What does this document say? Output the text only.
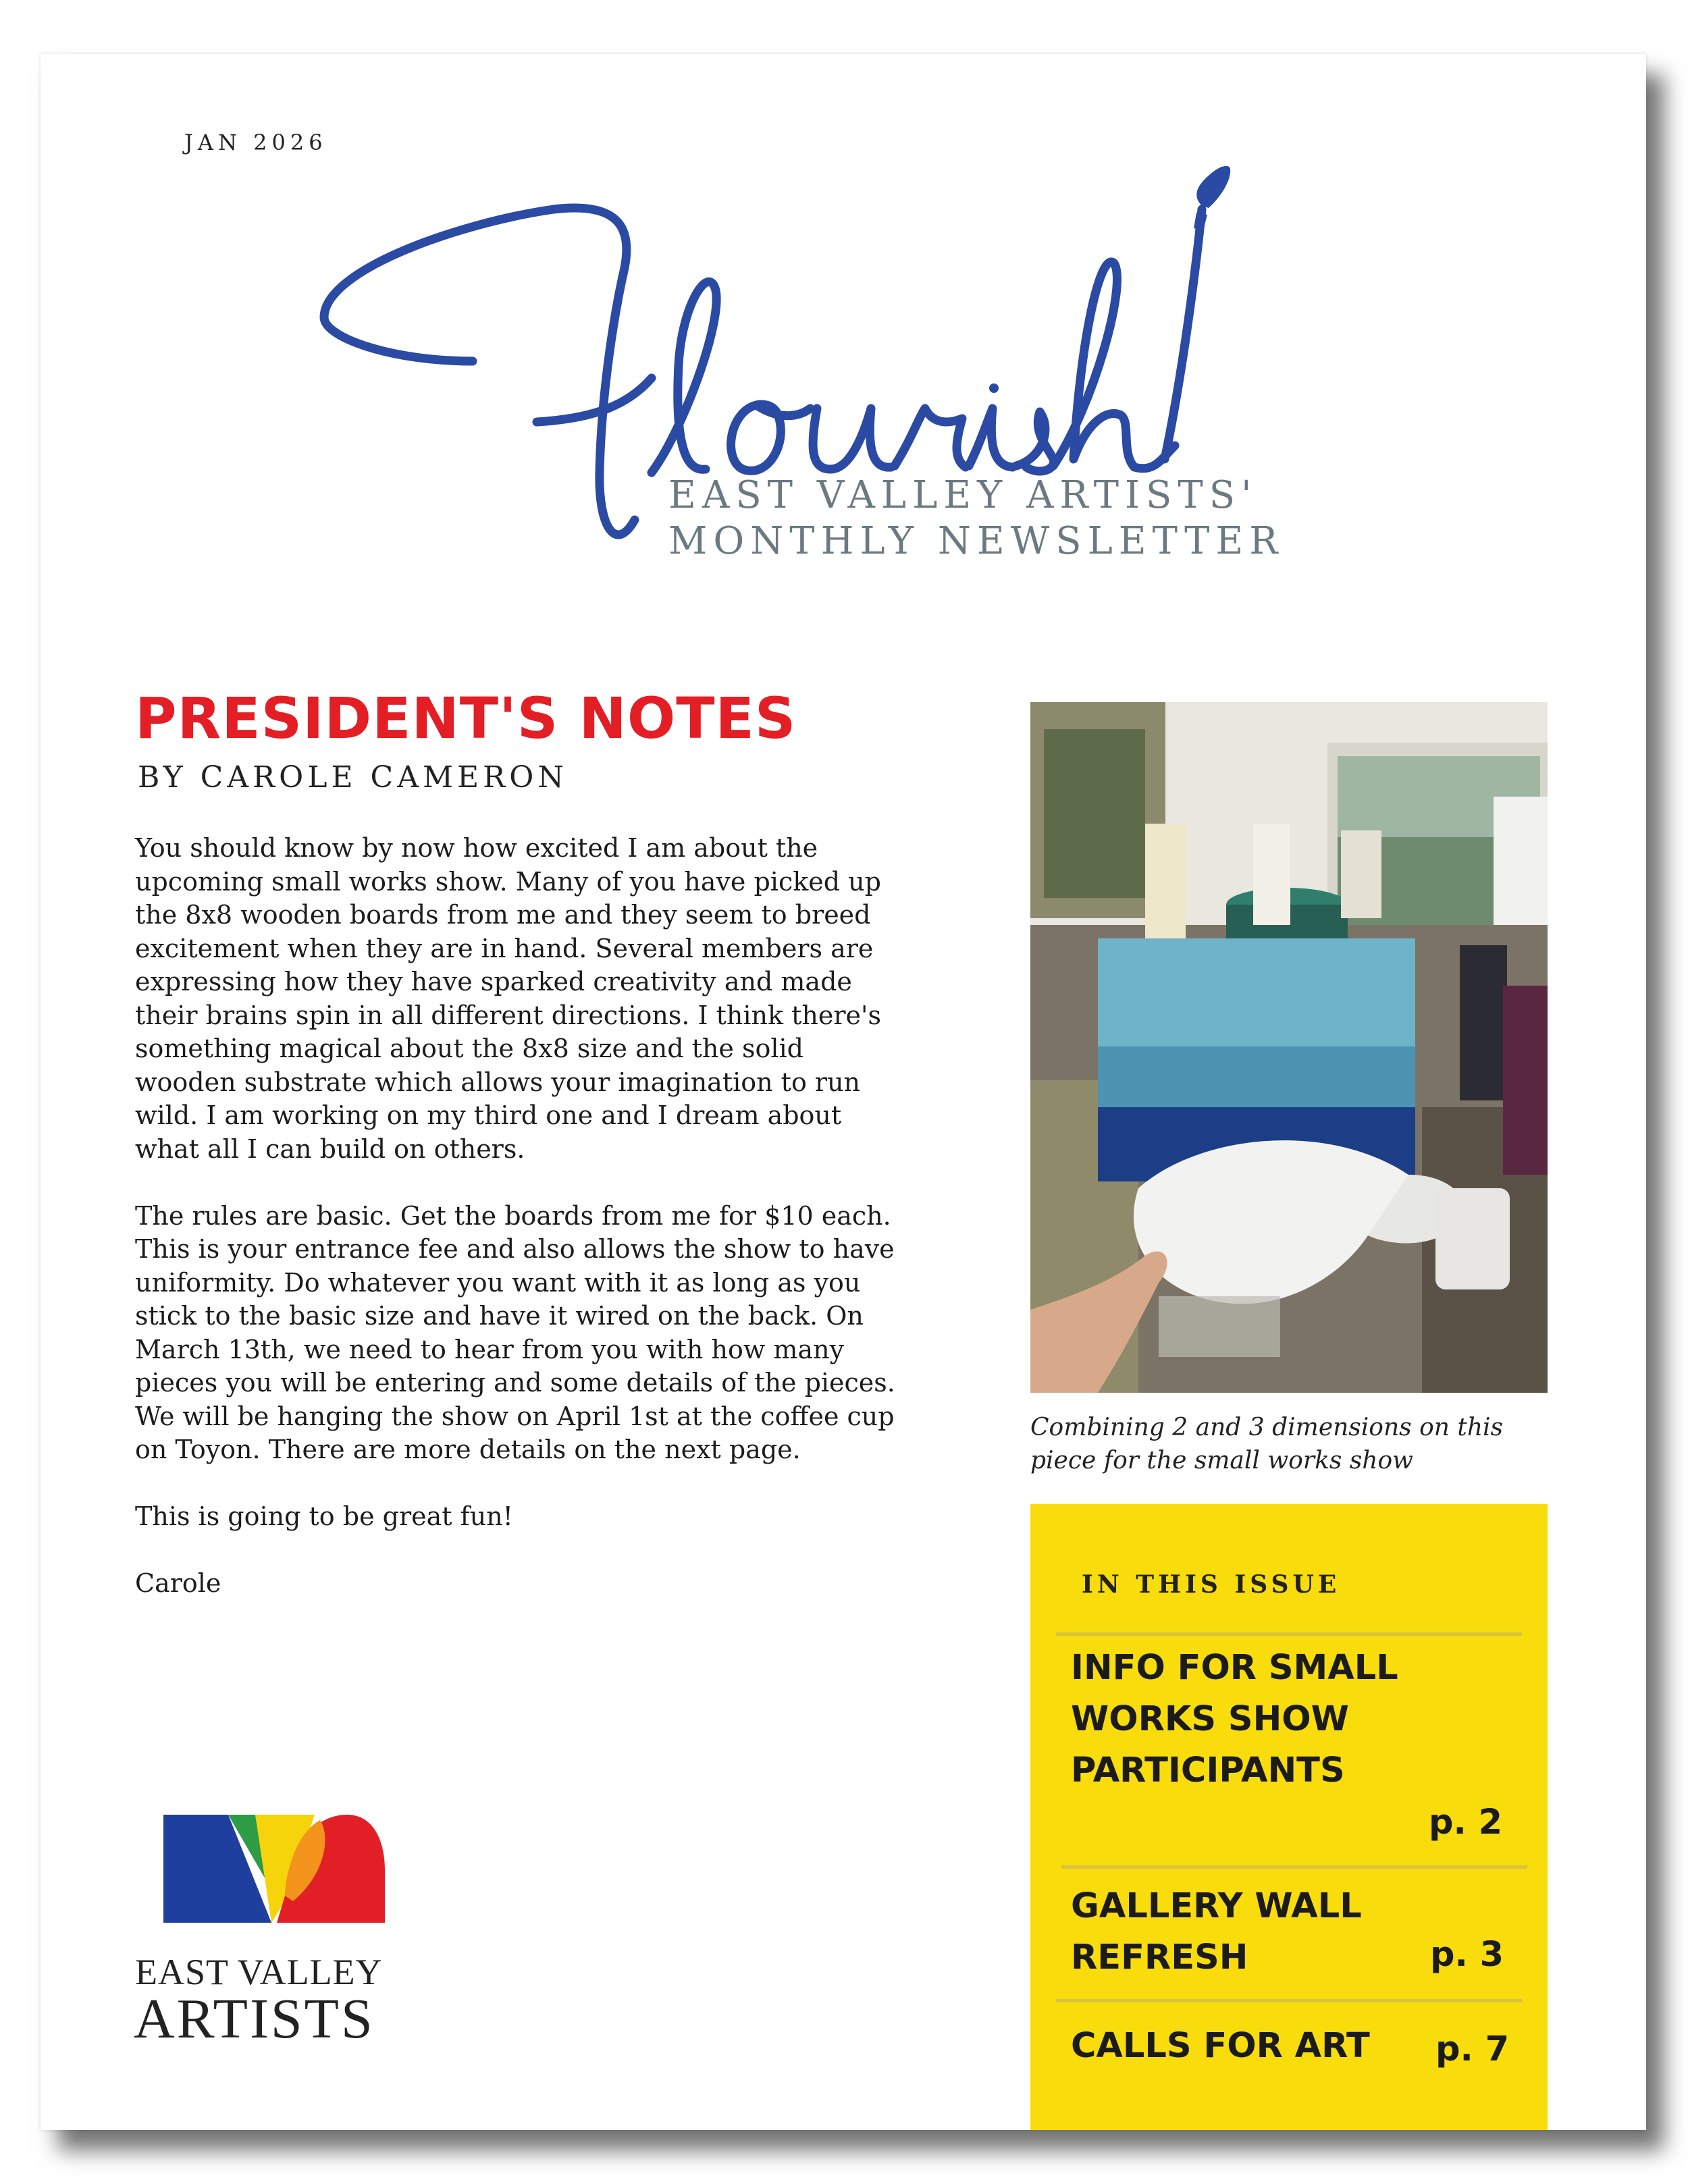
JAN 2026
EAST VALLEY ARTISTS'
MONTHLY NEWSLETTER
PRESIDENT'S NOTES
BY CAROLE CAMERON

You should know by now how excited I am about the upcoming small works show. Many of you have picked up the 8x8 wooden boards from me and they seem to breed excitement when they are in hand. Several members are expressing how they have sparked creativity and made their brains spin in all different directions. I think there's something magical about the 8x8 size and the solid wooden substrate which allows your imagination to run wild. I am working on my third one and I dream about what all I can build on others.

The rules are basic. Get the boards from me for $10 each. This is your entrance fee and also allows the show to have uniformity. Do whatever you want with it as long as you stick to the basic size and have it wired on the back. On March 13th, we need to hear from you with how many pieces you will be entering and some details of the pieces. We will be hanging the show on April 1st at the coffee cup on Toyon. There are more details on the next page.

This is going to be great fun!

Carole

Combining 2 and 3 dimensions on this piece for the small works show
IN THIS ISSUE
INFO FOR SMALL
WORKS SHOW
PARTICIPANTS
p. 2
GALLERY WALL
REFRESH	p. 3
CALLS FOR ART	p. 7
EAST VALLEY
ARTISTS
